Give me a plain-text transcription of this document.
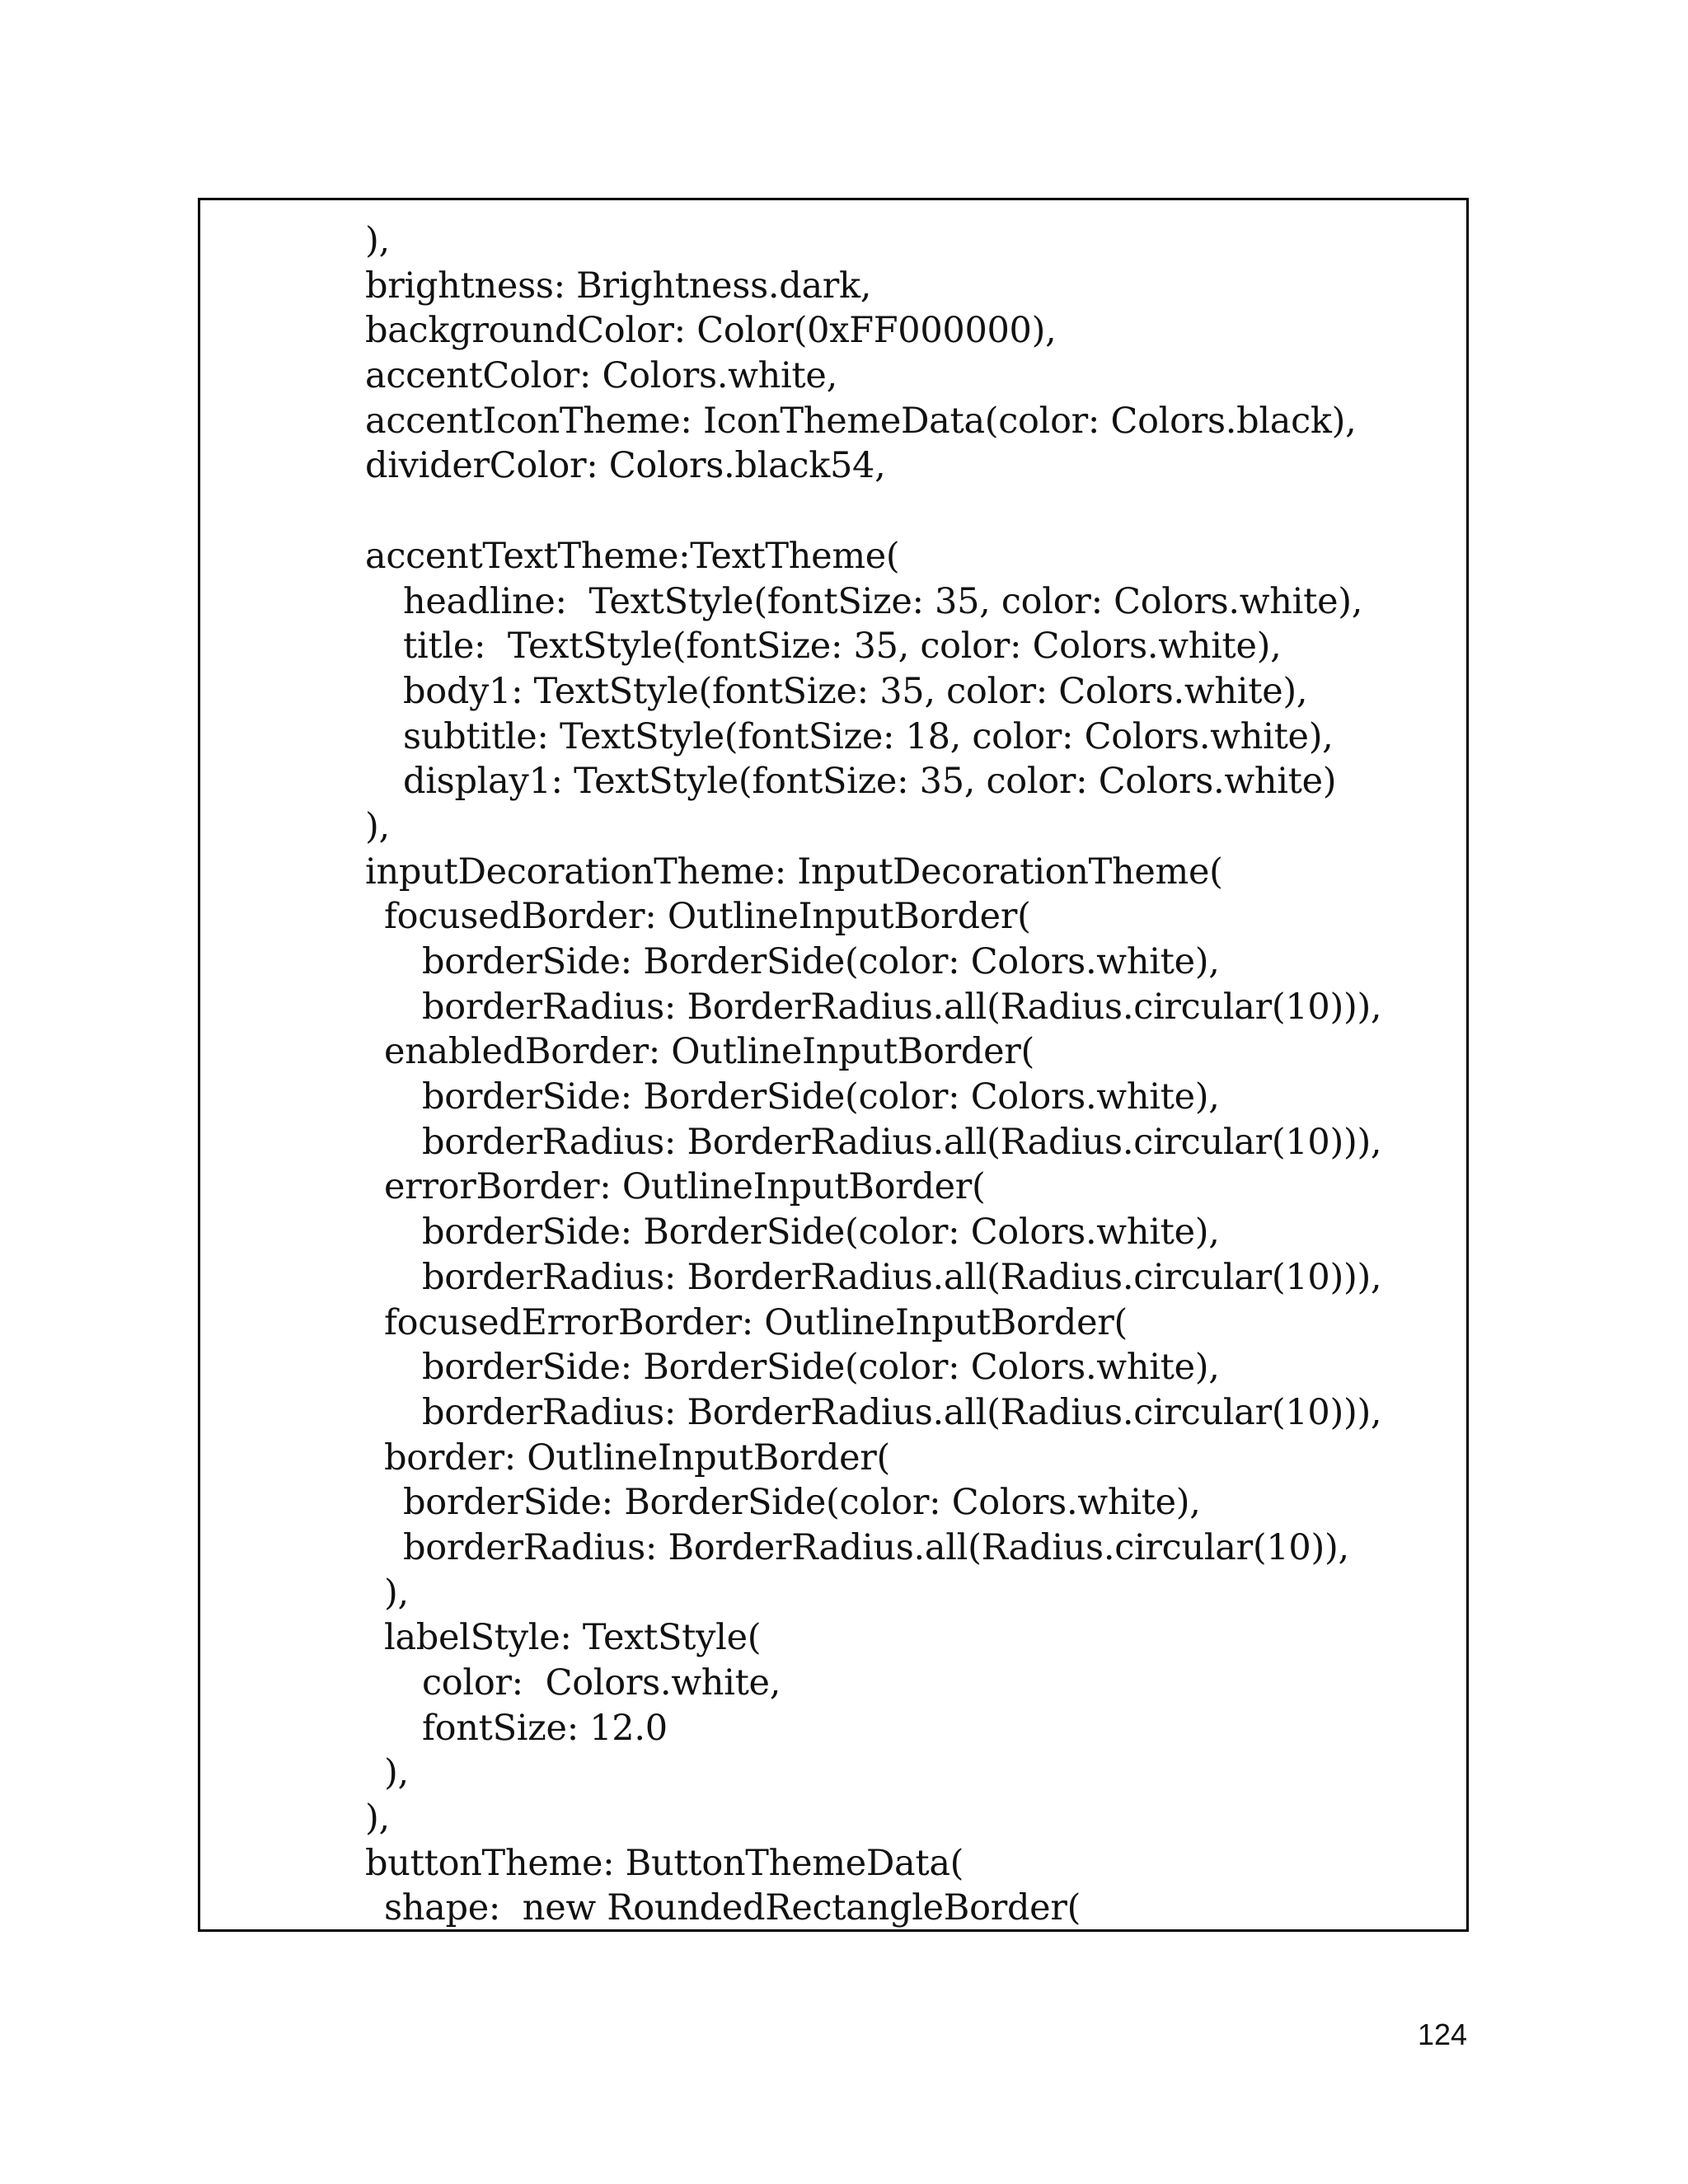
),
brightness: Brightness.dark,
backgroundColor: Color(0xFF000000),
accentColor: Colors.white,
accentIconTheme: IconThemeData(color: Colors.black),
dividerColor: Colors.black54,
accentTextTheme:TextTheme(
headline:  TextStyle(fontSize: 35, color: Colors.white),
title:  TextStyle(fontSize: 35, color: Colors.white),
body1: TextStyle(fontSize: 35, color: Colors.white),
subtitle: TextStyle(fontSize: 18, color: Colors.white),
display1: TextStyle(fontSize: 35, color: Colors.white)
),
inputDecorationTheme: InputDecorationTheme(
focusedBorder: OutlineInputBorder(
borderSide: BorderSide(color: Colors.white),
borderRadius: BorderRadius.all(Radius.circular(10))),
enabledBorder: OutlineInputBorder(
borderSide: BorderSide(color: Colors.white),
borderRadius: BorderRadius.all(Radius.circular(10))),
errorBorder: OutlineInputBorder(
borderSide: BorderSide(color: Colors.white),
borderRadius: BorderRadius.all(Radius.circular(10))),
focusedErrorBorder: OutlineInputBorder(
borderSide: BorderSide(color: Colors.white),
borderRadius: BorderRadius.all(Radius.circular(10))),
border: OutlineInputBorder(
borderSide: BorderSide(color: Colors.white),
borderRadius: BorderRadius.all(Radius.circular(10)),
),
labelStyle: TextStyle(
color:  Colors.white,
fontSize: 12.0
),
),
buttonTheme: ButtonThemeData(
shape:  new RoundedRectangleBorder(
124
